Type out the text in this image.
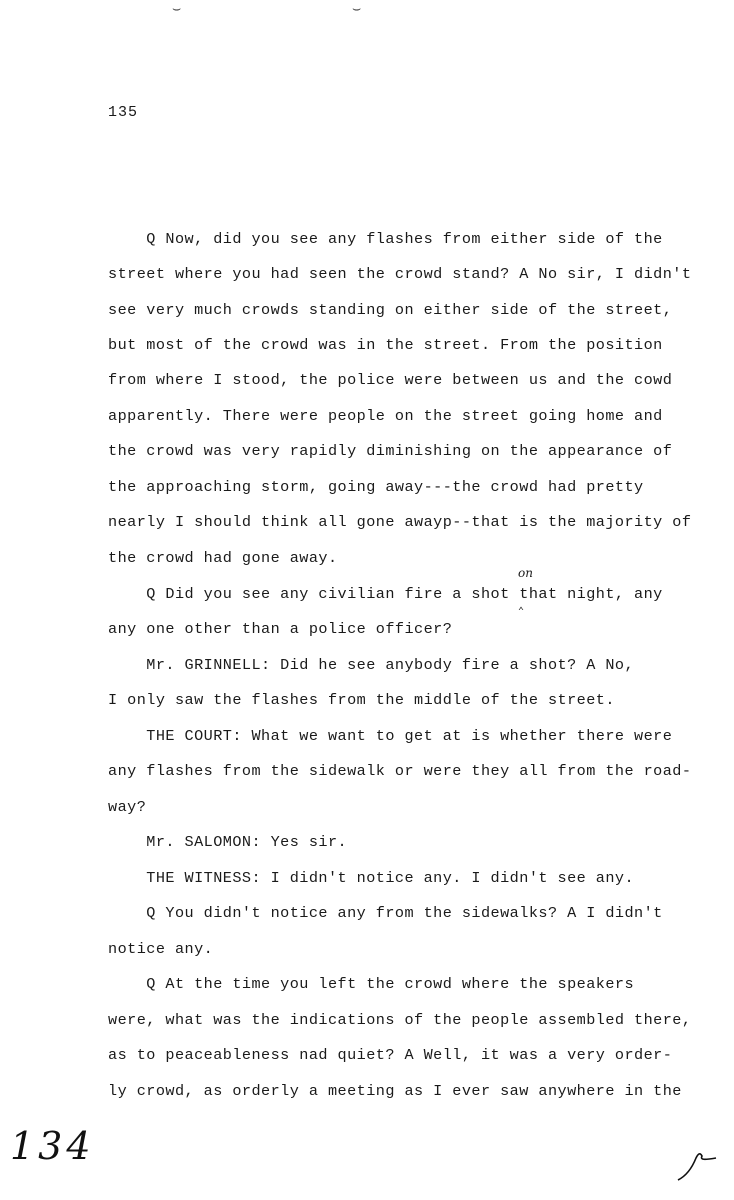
⌣	⌣
135
Q Now, did you see any flashes from either side of the
street where you had seen the crowd stand? A No sir, I didn't
see very much crowds standing on either side of the street,
but most of the crowd was in the street. From the position
from where I stood, the police were between us and the cowd
apparently. There were people on the street going home and
the crowd was very rapidly diminishing on the appearance of
the approaching storm, going away---the crowd had pretty
nearly I should think all gone awayp--that is the majority of
the crowd had gone away.
Q Did you see any civilian fire a shot that night, any
any one other than a police officer?
Mr. GRINNELL: Did he see anybody fire a shot? A No,
I only saw the flashes from the middle of the street.
THE COURT: What we want to get at is whether there were
any flashes from the sidewalk or were they all from the road-
way?
Mr. SALOMON: Yes sir.
THE WITNESS: I didn't notice any. I didn't see any.
Q You didn't notice any from the sidewalks? A I didn't
notice any.
Q At the time you left the crowd where the speakers
were, what was the indications of the people assembled there,
as to peaceableness nad quiet? A Well, it was a very order-
ly crowd, as orderly a meeting as I ever saw anywhere in the
on
⌃
134
